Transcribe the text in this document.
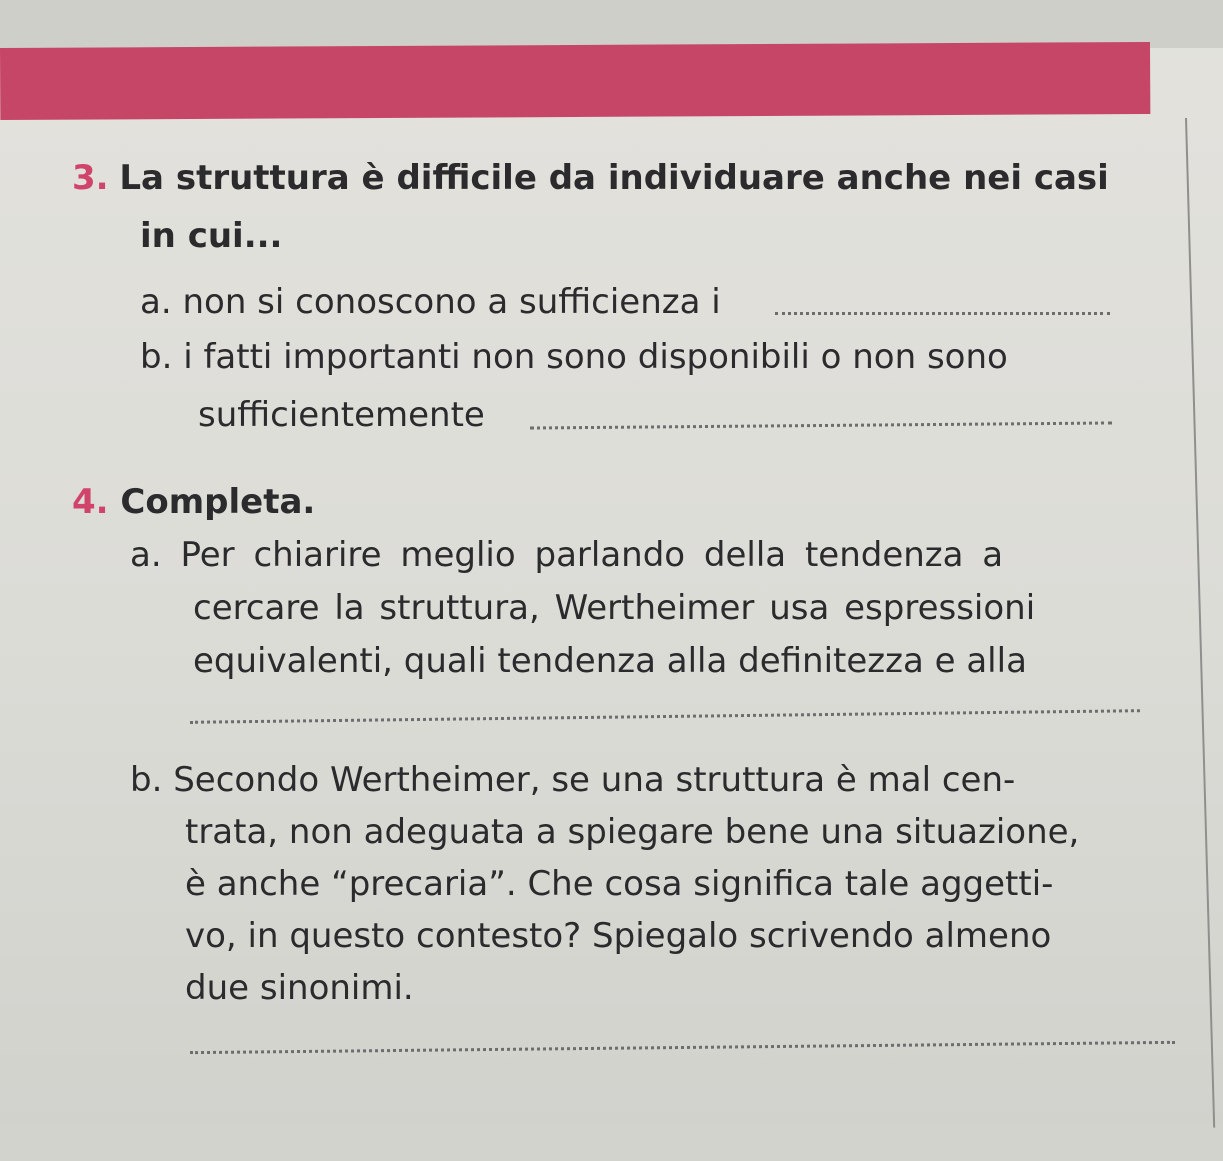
3. La struttura è difficile da individuare anche nei casi
in cui...
a. non si conoscono a sufficienza i
b. i fatti importanti non sono disponibili o non sono
sufficientemente
4. Completa.
a. Per chiarire meglio parlando della tendenza a
cercare la struttura, Wertheimer usa espressioni
equivalenti, quali tendenza alla definitezza e alla
b. Secondo Wertheimer, se una struttura è mal cen-
trata, non adeguata a spiegare bene una situazione,
è anche “precaria”. Che cosa significa tale aggetti-
vo, in questo contesto? Spiegalo scrivendo almeno
due sinonimi.
